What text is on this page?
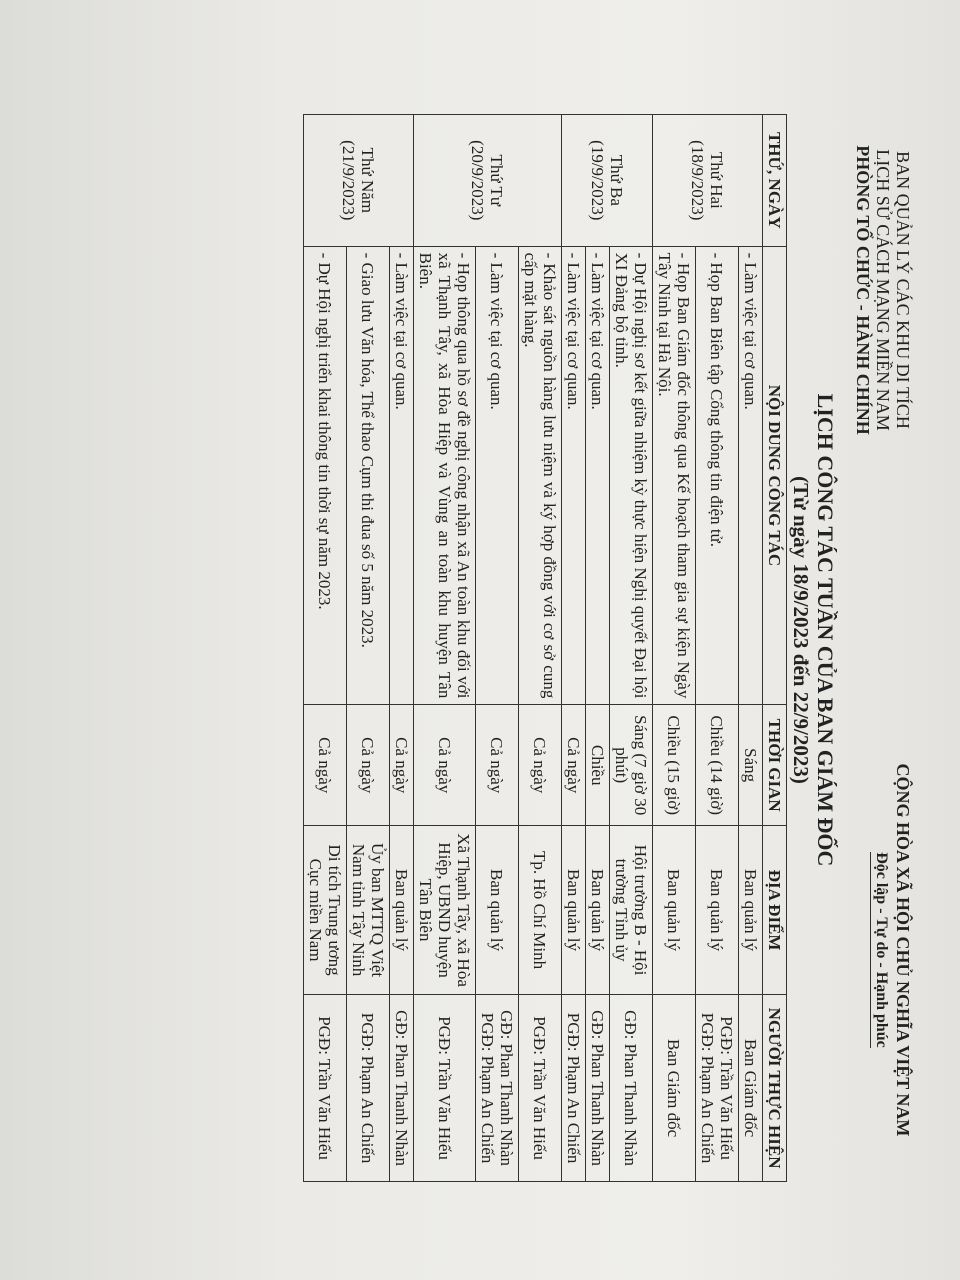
BAN QUẢN LÝ CÁC KHU DI TÍCH
LỊCH SỬ CÁCH MẠNG MIỀN NAM
PHÒNG TỔ CHỨC - HÀNH CHÍNH
CỘNG HÒA XÃ HỘI CHỦ NGHĨA VIỆT NAM
Độc lập - Tự do - Hạnh phúc
LỊCH CÔNG TÁC TUẦN CỦA BAN GIÁM ĐỐC
(Từ ngày 18/9/2023 đến 22/9/2023)
THỨ, NGÀY	NỘI DUNG CÔNG TÁC	THỜI GIAN	ĐỊA ĐIỂM	NGƯỜI THỰC HIỆN
Thứ Hai (18/9/2023)	- Làm việc tại cơ quan.	Sáng	Ban quản lý	Ban Giám đốc
	- Họp Ban Biên tập Cổng thông tin điện tử.	Chiều (14 giờ)	Ban quản lý	PGĐ: Trần Văn Hiếu PGĐ: Phạm An Chiến
	- Họp Ban Giám đốc thông qua Kế hoạch tham gia sự kiện Ngày Tây Ninh tại Hà Nội.	Chiều (15 giờ)	Ban quản lý	Ban Giám đốc
Thứ Ba (19/9/2023)	- Dự Hội nghị sơ kết giữa nhiệm kỳ thực hiện Nghị quyết Đại hội XI Đảng bộ tỉnh.	Sáng (7 giờ 30 phút)	Hội trường B - Hội trường Tỉnh ủy	GĐ: Phan Thanh Nhàn
	- Làm việc tại cơ quan.	Chiều	Ban quản lý	GĐ: Phan Thanh Nhàn
	- Làm việc tại cơ quan.	Cả ngày	Ban quản lý	PGĐ: Phạm An Chiến
Thứ Tư (20/9/2023)	- Khảo sát nguồn hàng lưu niệm và ký hợp đồng với cơ sở cung cấp mặt hàng.	Cả ngày	Tp. Hồ Chí Minh	PGĐ: Trần Văn Hiếu
	- Làm việc tại cơ quan.	Cả ngày	Ban quản lý	GĐ: Phan Thanh Nhàn PGĐ: Phạm An Chiến
	- Họp thông qua hồ sơ đề nghị công nhận xã An toàn khu đối với xã Thạnh Tây, xã Hòa Hiệp và Vùng an toàn khu huyện Tân Biên.	Cả ngày	Xã Thạnh Tây, xã Hòa Hiệp, UBND huyện Tân Biên	PGĐ: Trần Văn Hiếu
Thứ Năm (21/9/2023)	- Làm việc tại cơ quan.	Cả ngày	Ban quản lý	GĐ: Phan Thanh Nhàn
	- Giao lưu Văn hóa, Thể thao Cụm thi đua số 5 năm 2023.	Cả ngày	Ủy ban MTTQ Việt Nam tỉnh Tây Ninh	PGĐ: Phạm An Chiến
	- Dự Hội nghị triển khai thông tin thời sự năm 2023.	Cả ngày	Di tích Trung ương Cục miền Nam	PGĐ: Trần Văn Hiếu
